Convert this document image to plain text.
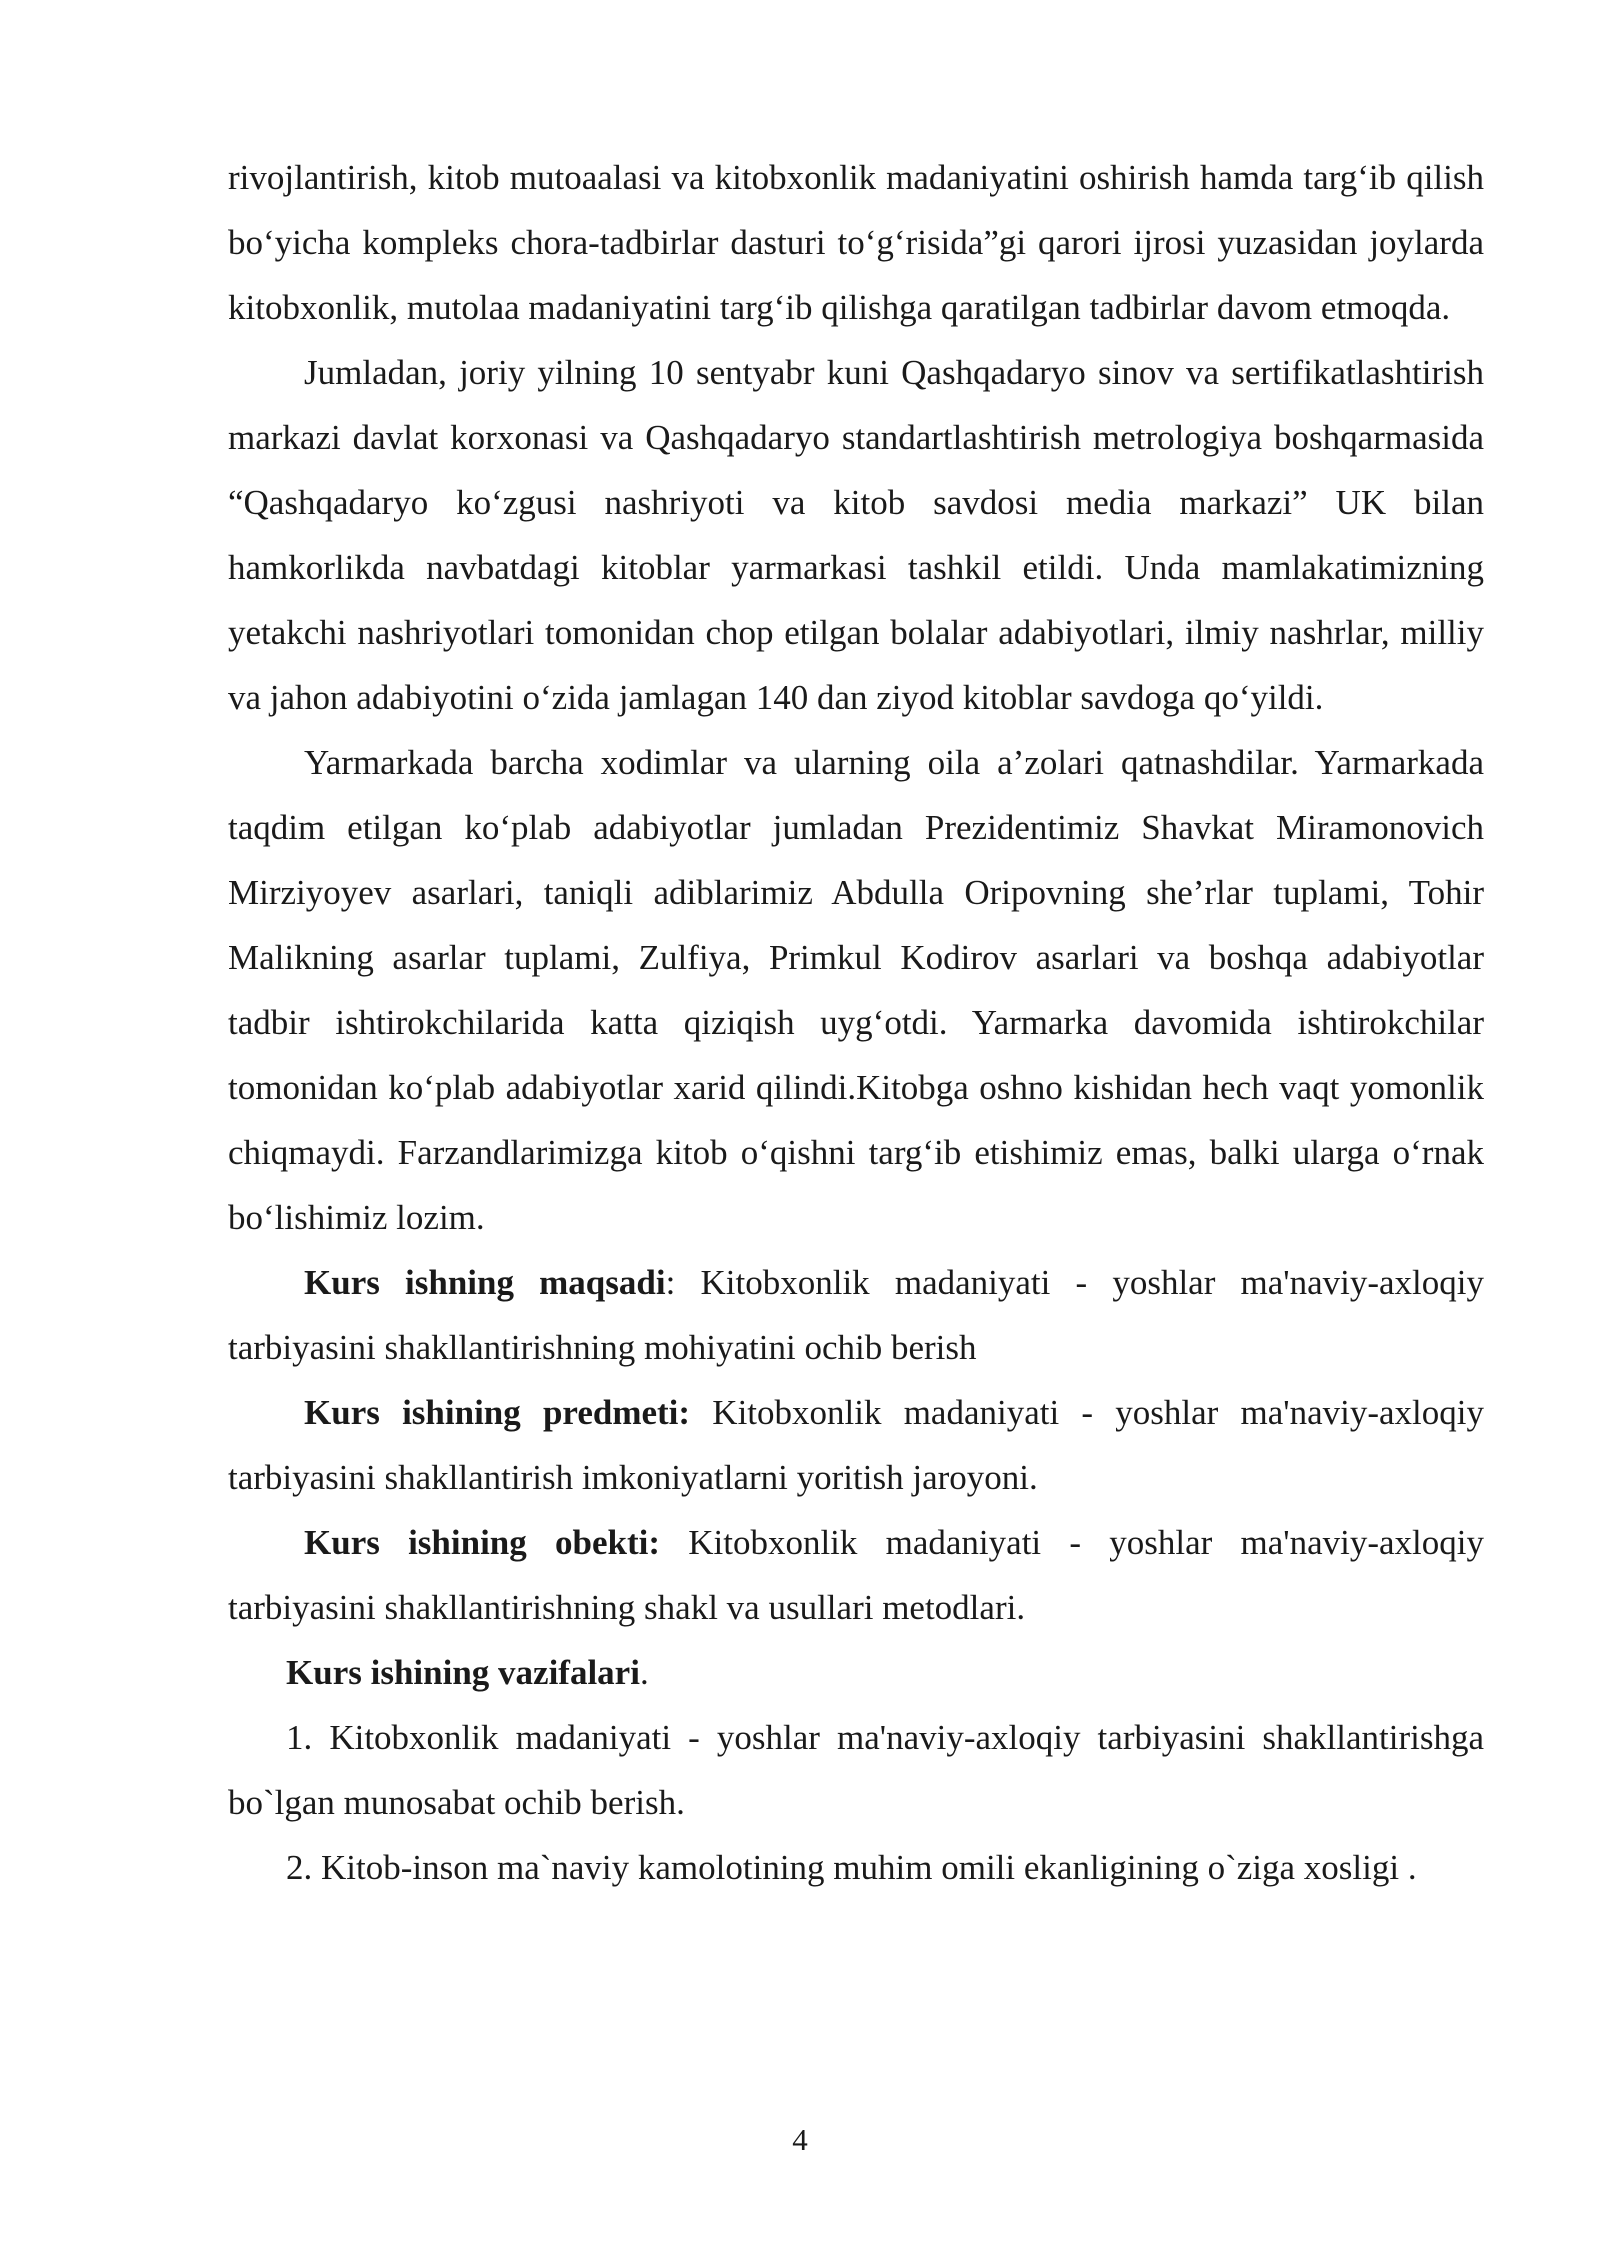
rivojlantirish, kitob mutoaalasi va kitobxonlik madaniyatini oshirish hamda targ‘ib qilish bo‘yicha kompleks chora-tadbirlar dasturi to‘g‘risida”gi qarori ijrosi yuzasidan joylarda kitobxonlik, mutolaa madaniyatini targ‘ib qilishga qaratilgan tadbirlar davom etmoqda.

Jumladan, joriy yilning 10 sentyabr kuni Qashqadaryo sinov va sertifikatlashtirish markazi davlat korxonasi va Qashqadaryo standartlashtirish metrologiya boshqarmasida “Qashqadaryo ko‘zgusi nashriyoti va kitob savdosi media markazi” UK bilan hamkorlikda navbatdagi kitoblar yarmarkasi tashkil etildi. Unda mamlakatimizning yetakchi nashriyotlari tomonidan chop etilgan bolalar adabiyotlari, ilmiy nashrlar, milliy va jahon adabiyotini o‘zida jamlagan 140 dan ziyod kitoblar savdoga qo‘yildi.

Yarmarkada barcha xodimlar va ularning oila a’zolari qatnashdilar. Yarmarkada taqdim etilgan ko‘plab adabiyotlar jumladan Prezidentimiz Shavkat Miramonovich Mirziyoyev asarlari, taniqli adiblarimiz Abdulla Oripovning she’rlar tuplami, Tohir Malikning asarlar tuplami, Zulfiya, Primkul Kodirov asarlari va boshqa adabiyotlar tadbir ishtirokchilarida katta qiziqish uyg‘otdi. Yarmarka davomida ishtirokchilar tomonidan ko‘plab adabiyotlar xarid qilindi.Kitobga oshno kishidan hech vaqt yomonlik chiqmaydi. Farzandlarimizga kitob o‘qishni targ‘ib etishimiz emas, balki ularga o‘rnak bo‘lishimiz lozim.

Kurs ishning maqsadi: Kitobxonlik madaniyati - yoshlar ma'naviy-axloqiy tarbiyasini shakllantirishning mohiyatini ochib berish

Kurs ishining predmeti: Kitobxonlik madaniyati - yoshlar ma'naviy-axloqiy tarbiyasini shakllantirish imkoniyatlarni yoritish jaroyoni.

Kurs ishining obekti: Kitobxonlik madaniyati - yoshlar ma'naviy-axloqiy tarbiyasini shakllantirishning shakl va usullari metodlari.

Kurs ishining vazifalari.

1. Kitobxonlik madaniyati - yoshlar ma'naviy-axloqiy tarbiyasini shakllantirishga bo`lgan munosabat ochib berish.

2. Kitob-inson ma`naviy kamolotining muhim omili ekanligining o`ziga xosligi .

4
